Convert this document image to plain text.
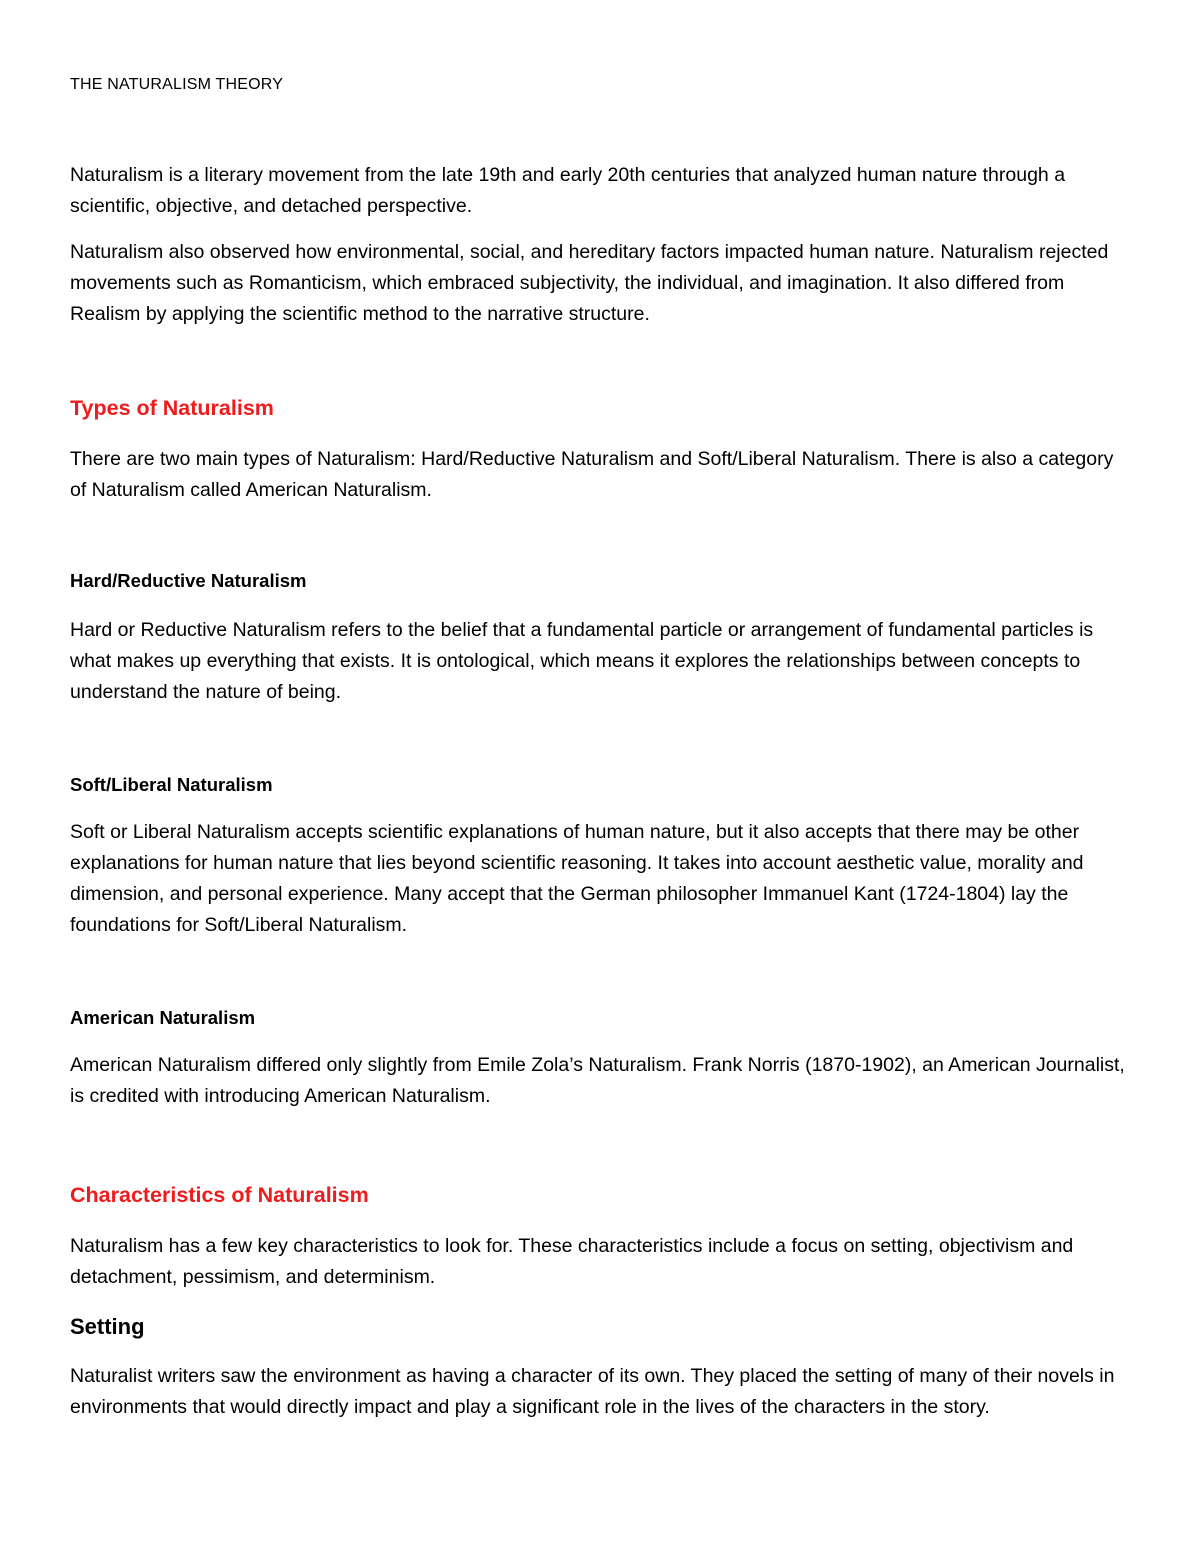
THE NATURALISM THEORY

Naturalism is a literary movement from the late 19th and early 20th centuries that analyzed human nature through a scientific, objective, and detached perspective.

Naturalism also observed how environmental, social, and hereditary factors impacted human nature. Naturalism rejected movements such as Romanticism, which embraced subjectivity, the individual, and imagination. It also differed from Realism by applying the scientific method to the narrative structure.

Types of Naturalism

There are two main types of Naturalism: Hard/Reductive Naturalism and Soft/Liberal Naturalism. There is also a category of Naturalism called American Naturalism.

Hard/Reductive Naturalism

Hard or Reductive Naturalism refers to the belief that a fundamental particle or arrangement of fundamental particles is what makes up everything that exists. It is ontological, which means it explores the relationships between concepts to understand the nature of being.

Soft/Liberal Naturalism

Soft or Liberal Naturalism accepts scientific explanations of human nature, but it also accepts that there may be other explanations for human nature that lies beyond scientific reasoning. It takes into account aesthetic value, morality and dimension, and personal experience. Many accept that the German philosopher Immanuel Kant (1724-1804) lay the foundations for Soft/Liberal Naturalism.

American Naturalism

American Naturalism differed only slightly from Emile Zola’s Naturalism. Frank Norris (1870-1902), an American Journalist, is credited with introducing American Naturalism.

Characteristics of Naturalism

Naturalism has a few key characteristics to look for. These characteristics include a focus on setting, objectivism and detachment, pessimism, and determinism.

Setting

Naturalist writers saw the environment as having a character of its own. They placed the setting of many of their novels in environments that would directly impact and play a significant role in the lives of the characters in the story.
